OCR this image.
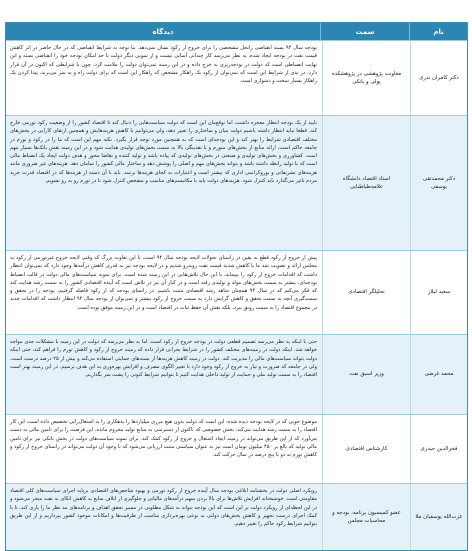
نام
سمت
دیدگاه
دکتر کامران ندری
معاونت پژوهشی در پژوهشکده پولی و بانکی
بودجه سال ۹۴ بسته انقباضی رانحل مشخصی را برای خروج از رکود نشان نمی‌دهد. بنا توجه به شرایط انقباضی که در حال حاضر در اثر کاهش قیمت نفت در بودجه ایجاد شده، به نظر می‌رسد کار چندانی آسانی نیست و از سویی دیگر دولت تا حد امکان بودجه خود را انقباضی بسته و این نهایت انضباطی است که دولت در بودجه‌ریزی به خرج داده و در این زمینه تمی‌توان دولت را ملامت کرد، چون با شرایطی که اکنون در آن قرار دارد، در بدی از شرایط این است که تمی‌توان از رکود یک راهکار مشخص که راهکار این است که برای دولت راه و به سر می‌برند، پیدا کردن یک راهکار بسیار سخت و دشواری است.
دکتر محمدتقی یوسفی
استاد اقتصاد دانشگاه علامه‌طباطبایی
تایید از یک بودجه انتظار معجزه داشت، اما توقع‌مان این است که دولت سیاست‌هایی را دنبال کند تا اقتصاد کشور را از وضعیت رکود تورمی خارج کند. قطعا نباید انتظار داشته باشیم دولت بنیان و ساختاری را تغییر دهد، ولی می‌توانیم با کاهش هزینه‌هایش و همچنین ارتقای کارایی در بخش‌های مختلف اقتصادی شرایط را بهتر کند و این بودجه‌ای است که به همچنین مورد توجه قرار بگیرد. نکته مهم این است که ما را در رکود و تورم در جامعه حاکم است، ارائه منابع از بخش‌های متورم و با نقدینگی بالا به سمت بخش‌های تولیدی هدایت شود و در این زمینه نقش بانک‌ها بسیار مهم است. کشاورزی و بخش‌های تولیدی و صنعتی در بخش‌های تولیدی که پیاده باشد و تولید کننده و تقاضا محور و هدف دولت ایجاد یک انضباط مالی است که با تولید رابطه داشته باشد و بتواند بخش‌های مهم و اصلی را پوشش دهد و ساختار مالی کشور را سامان دهد. هزینه‌های غیر ضروری مانند هزینه‌های تشریفاتی و بوروکراسی اداری که بیشتر است و اعتبارات به کجای هزینه‌ها برسد. باید با آن دسته از هزینه‌ها که در اقتصاد قدرت خرید مردم تاثیر می‌گذارد باید کنترل شود. هزینه‌های دولت باید با مکانیسم‌های مناسب و مشخص کنترل شود تا در تورم رو به رو نشویم.
سعید لیلاز
تحلیلگر اقتصادی
پیش از خروج از رکود قطع به یقین در راستای تحولات لایحه بودجه سال ۹۴ است، تا این تفاوت بزرگ که وقتی لایحه خروج غیرتورمی از رکود به مجلس ارائه و تصویب شد ما با کاهش شدید قیمت نفت روبه‌رو شدیم و در لایحه بودجه نیز به قدری کاهش درآمدها وجود دارد که نمی‌توان انتظار داشت که اقدامات خروج از رکود را بپیماید، با این حال تلاش‌هایی در این زمینه شده است. برای نمونه سیاست‌های مالی دولت در قالب انضباط بودجه‌ای، بیشتر به سمت بخش‌های مولد و تولیدی رفته است و در کنار آن نیز در تلاش است که آینده اقتصادی کشور را به سمت رشد هدایت کند که فکر می‌کنم که در سال ۹۴ همچنان شاهد رشد اقتصادی مثبت باشیم. در راستای بودجه که از رکود فاصله گرفتیم، بودجه را در تحقق و سمت‌گیری آنچه به سمت تحقق و کاهش گرایش دارد به سمت خروج از رکود بیشتر و تمی‌توان از بودجه سال ۹۴ انتظار داشت که اقدامات جدید در مجموع اقتصاد را به سمت رونق ببرد، بلکه نقش آن حفظ ثبات در اقتصاد است و در این زمینه موفق بوده است.
محمد غرضی
وزیر اسبق نفت
حتی با اینکه به نظر می‌رسد تصمیم قطعی دولت در بودجه خروج از رکود است، اما به نظر می‌رسد که دولت در این زمینه با مشکلات جدی مواجه خواهد شد. اینکه دولت در زمینه‌های مختلف کشور را در شرایط بحرانی قرار داده که زمینه خروج از رکود و کاهش تورم را فراهم کند، حتی اینکه دولت بتواند سیاست‌های مالی را مدیریت کند. دولت در زمینه کاهش هزینه‌ها از بسته‌های حمایتی استفاده می‌کند و بیش از ۲۵ درصد درست است، ولی در جامعه که ضرورت و نیاز به خروج از رکود وجود دارد با تغییر الگوی مصرف و افزایش بهره‌وری به این هدف برسیم. در این زمینه بهتر است اقتصاد را به سمت تولید ملی و حمایت از تولید داخلی هدایت کنیم تا بتوانیم شرایط کنونی را پشت سر بگذاریم.
فخرالدین حیدری
کارشناس اقتصادی
موضوع خوبی که در لایحه بودجه دیده شده، این است که دولت بدون هیچ مرزی میلیاردها را بدهکاری را به اشتغال‌زایی تخصیص داده است، این کار اقتصاد را به سمت رشد هدایت می‌کند. بخش خصوصی که تاکنون از دسترسی به منابع تولید محروم مانده، این فرصت را برای تامین مالی به دست می‌آورد که از این طریق می‌تواند در زمینه ایجاد اشتغال و خروج از رکود کمک کند. برای نمونه سیاست‌های دولت در بخش بانکی نیز برای تامین مالی تولید که بالغ بر ۴۵۰ میلیون تومان است نیز به عنوان سیاستی مثبت ارزیابی می‌شود که با وجود آن دولت می‌تواند در راستای خروج از رکود و کاهش تورم به دو تا پنج درصد در سال حرکت کند.
عزت‌الله یوسفیان ملا
عضو کمیسیون برنامه، بودجه و محاسبات مجلس
رویکرد اصلی دولت در بخشنامه ابلاغی بودجه سال آینده خروج از رکود تورمی و بهبود شاخص‌های اقتصادی برپایه اجرای سیاست‌های کلی اقتصاد مقاومتی است. خوشبختانه افزایش تلاش‌ها برای بالا بردن سهم درآمدهای مالیاتی و جلوگیری از اتلاف منابع به کاهش اتکای به نفت منجر می‌شود و در این لحظه‌ای از رویکرد دولت بر این است که این بودجه بتواند به شکل مطلوبی در مسیر تحقق اهداف و برنامه‌های مد نظر ما را یاری کند. تا با کمک اجرای درست تجهیز و کاهش بخش‌های دولتی به نوعی بهره‌برداری مناسب از ظرفیت‌ها و امکانات موجود کشور بپردازیم و از این طریق بتوانیم شرایط رکود حاکم را تغییر دهیم.
